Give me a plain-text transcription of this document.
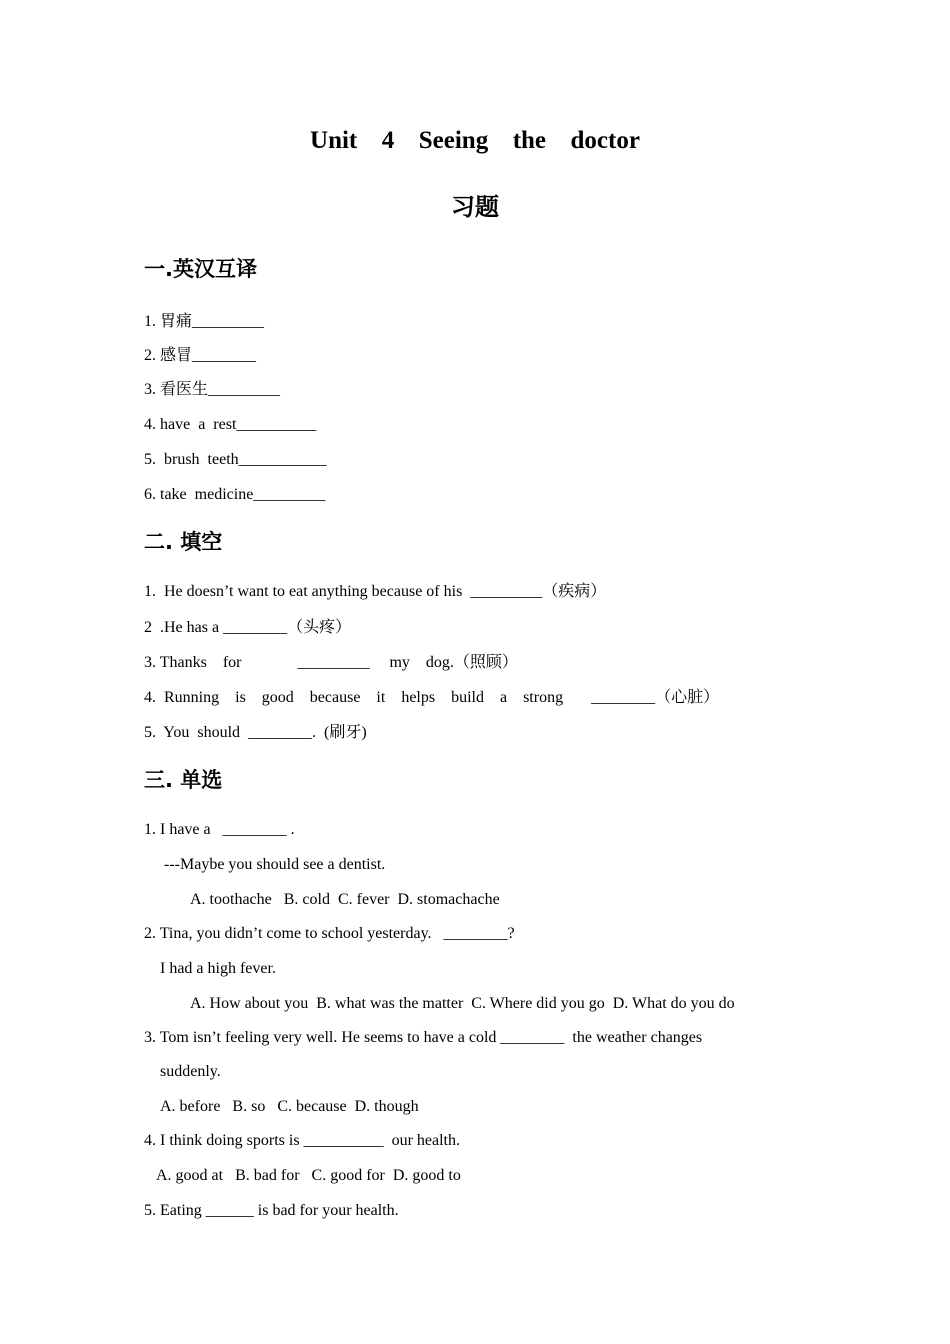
Unit  4  Seeing  the  doctor
习题
一.英汉互译
1. 胃痛_________
2. 感冒________
3. 看医生_________
4. have  a  rest__________
5.  brush  teeth___________
6. take  medicine_________
二. 填空
1.  He doesn’t want to eat anything because of his  _________（疾病）
2  .He has a ________（头疼）
3. Thanks    for              _________     my    dog.（照顾）
4.  Running    is    good    because    it    helps    build    a    strong       ________（心脏）
5.  You  should  ________.  (刷牙)
三. 单选
1. I have a   ________ .
---Maybe you should see a dentist.
A. toothache   B. cold  C. fever  D. stomachache
2. Tina, you didn’t come to school yesterday.   ________?
I had a high fever.
A. How about you  B. what was the matter  C. Where did you go  D. What do you do
3. Tom isn’t feeling very well. He seems to have a cold ________  the weather changes
suddenly.
A. before   B. so   C. because  D. though
4. I think doing sports is __________  our health.
A. good at   B. bad for   C. good for  D. good to
5. Eating ______ is bad for your health.
